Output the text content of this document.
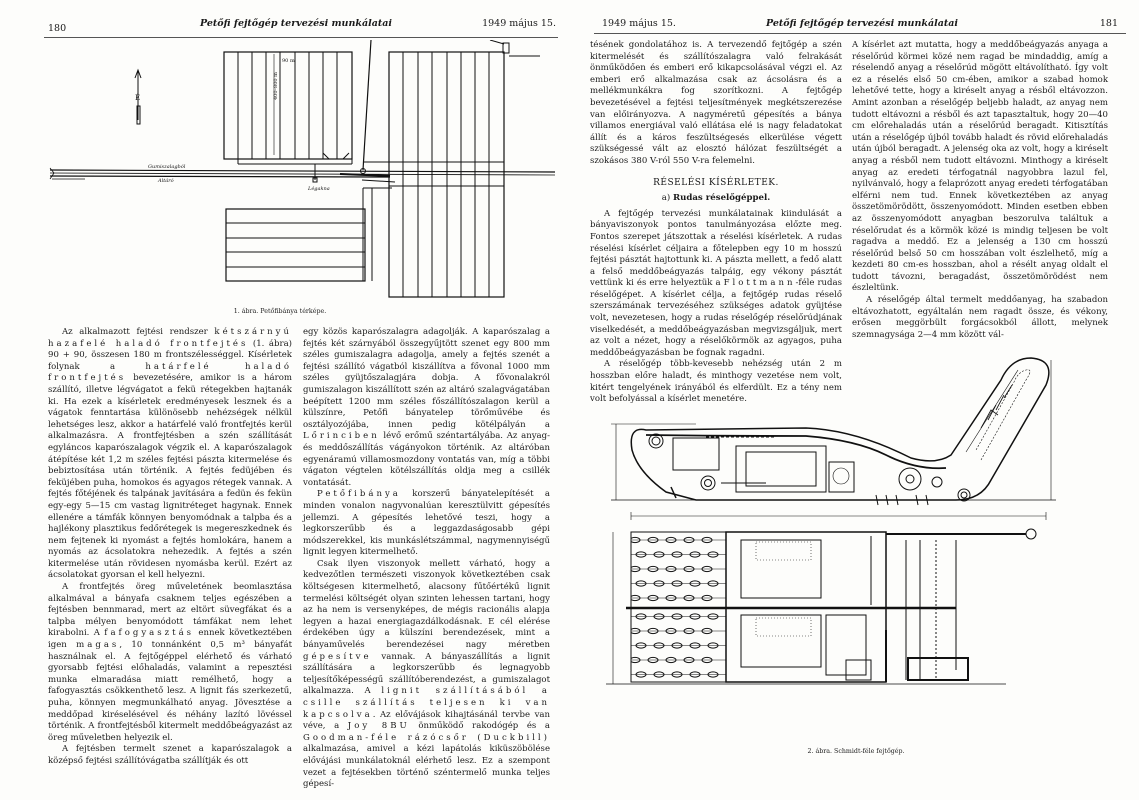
180	Petőfi fejtőgép tervezési munkálatai	1949 május 15.
É	400–800 m
90 m
Gumiszalagból
Altáró
Légakna
1. ábra. Petőfibánya térképe.

Az alkalmazott fejtési rendszer kétszárnyú hazafelé haladó frontfejtés (1. ábra) 90 + 90, összesen 180 m frontszélességgel. Kísérletek folynak a határfelé haladó frontfejtés bevezetésére, amikor is a három szállító, illetve légvágatot a fekü rétegekben hajtanák ki. Ha ezek a kísérletek eredményesek lesznek és a vágatok fenntartása különösebb nehézségek nélkül lehetséges lesz, akkor a határfelé való frontfejtés kerül alkalmazásra. A frontfejtésben a szén szállítását egyláncos kaparószalagok végzik el. A kaparószalagok átépítése két 1,2 m széles fejtési pászta kitermelése és bebiztosítása után történik. A fejtés fedüjében és feküjében puha, homokos és agyagos rétegek vannak. A fejtés főtéjének és talpának javítására a fedün és fekün egy-egy 5—15 cm vastag lignitréteget hagynak. Ennek ellenére a támfák könnyen benyomódnak a talpba és a hajlékony plasztikus fedőrétegek is megereszkednek és nem fejtenek ki nyomást a fejtés homlokára, hanem a nyomás az ácsolatokra nehezedik. A fejtés a szén kitermelése után rövidesen nyomásba kerül. Ezért az ácsolatokat gyorsan el kell helyezni.

A frontfejtés öreg műveletének beomlasztása alkalmával a bányafa csaknem teljes egészében a fejtésben bennmarad, mert az eltört süvegfákat és a talpba mélyen benyomódott támfákat nem lehet kirabolni. A fafogyasztás ennek következtében igen magas, 10 tonnánként 0,5 m³ bányafát használnak el. A fejtőgéppel elérhető és várható gyorsabb fejtési előhaladás, valamint a repesztési munka elmaradása miatt remélhető, hogy a fafogyasztás csökkenthető lesz. A lignit fás szerkezetű, puha, könnyen megmunkálható anyag. Jövesztése a meddőpad kiréselésével és néhány lazító lövéssel történik. A frontfejtésből kitermelt meddőbeágyazást az öreg műveletben helyezik el.

A fejtésben termelt szenet a kaparószalagok a középső fejtési szállítóvágatba szállítják és ott

egy közös kaparószalagra adagolják. A kaparószalag a fejtés két szárnyából összegyűjtött szenet egy 800 mm széles gumiszalagra adagolja, amely a fejtés szenét a fejtési szállító vágatból kiszállítva a fővonal 1000 mm széles gyüjtőszalagjára dobja. A fővonalakról gumiszalagon kiszállított szén az altáró szalagvágatában beépített 1200 mm széles főszállítószalagon kerül a külszínre, Petőfi bányatelep törőművébe és osztályozójába, innen pedig kötélpályán a Lőrinciben lévő erőmű széntartályába. Az anyag- és meddőszállítás vágányokon történik. Az altáróban egyenáramú villamosmozdony vontatás van, míg a többi vágaton végtelen kötélszállítás oldja meg a csillék vontatását.

Petőfibánya korszerű bányatelepítését a minden vonalon nagyvonalúan keresztülvitt gépesítés jellemzi. A gépesítés lehetővé teszi, hogy a legkorszerűbb és a leggazdaságosabb gépi módszerekkel, kis munkáslétszámmal, nagymennyiségű lignit legyen kitermelhető.

Csak ilyen viszonyok mellett várható, hogy a kedvezőtlen természeti viszonyok következtében csak költségesen kitermelhető, alacsony fűtőértékű lignit termelési költségét olyan szinten lehessen tartani, hogy az ha nem is versenyképes, de mégis racionális alapja legyen a hazai energiagazdálkodásnak. E cél elérése érdekében úgy a külszíni berendezések, mint a bányaművelés berendezései nagy méretben gépesítve vannak. A bányaszállítás a lignit szállítására a legkorszerűbb és legnagyobb teljesítőképességű szállítóberendezést, a gumiszalagot alkalmazza. A lignit szállításából a csille szállítás teljesen ki van kapcsolva. Az elővájások kihajtásánál tervbe van véve, a Joy 8BU önműködő rakodógép és a Goodman-féle rázócsőr (Duckbill) alkalmazása, amivel a kézi lapátolás kiküszöbölése elővájási munkálatoknál elérhető lesz. Ez a szempont vezet a fejtésekben történő széntermelő munka teljes gépesí-

1949 május 15.	Petőfi fejtőgép tervezési munkálatai	181

tésének gondolatához is. A tervezendő fejtőgép a szén kitermelését és szállítószalagra való felrakását önműködően és emberi erő kikapcsolásával végzi el. Az emberi erő alkalmazása csak az ácsolásra és a mellékmunkákra fog szorítkozni. A fejtőgép bevezetésével a fejtési teljesítmények megkétszerezése van előirányozva. A nagyméretű gépesítés a bánya villamos energiával való ellátása elé is nagy feladatokat állít és a káros feszültségesés elkerülése végett szükségessé vált az elosztó hálózat feszültségét a szokásos 380 V-ról 550 V-ra felemelni.

RÉSELÉSI KÍSÉRLETEK.
a) Rudas réselőgéppel.

A fejtőgép tervezési munkálatainak kiindulását a bányaviszonyok pontos tanulmányozása előzte meg. Fontos szerepet játszottak a réselési kísérletek. A rudas réselési kísérlet céljaira a főtelepben egy 10 m hosszú fejtési pásztát hajtottunk ki. A pászta mellett, a fedő alatt a felső meddőbeágyazás talpáig, egy vékony pásztát vettünk ki és erre helyeztük a Flottmann-féle rudas réselőgépet. A kísérlet célja, a fejtőgép rudas réselő szerszámának tervezéséhez szükséges adatok gyüjtése volt, nevezetesen, hogy a rudas réselőgép réselőrúdjának viselkedését, a meddőbeágyazásban megvizsgáljuk, mert az volt a nézet, hogy a réselőkörmök az agyagos, puha meddőbeágyazásban be fognak ragadni.

A réselőgép több-kevesebb nehézség után 2 m hosszban előre haladt, és minthogy vezetése nem volt, kitért tengelyének irányából és elferdült. Ez a tény nem volt befolyással a kísérlet menetére.

A kísérlet azt mutatta, hogy a meddőbeágyazás anyaga a réselőrúd körmei közé nem ragad be mindaddig, amíg a réselendő anyag a réselőrúd mögött eltávolítható. Így volt ez a réselés első 50 cm-ében, amikor a szabad homok lehetővé tette, hogy a kiréselt anyag a résből eltávozzon. Amint azonban a réselőgép beljebb haladt, az anyag nem tudott eltávozni a résből és azt tapasztaltuk, hogy 20—40 cm előrehaladás után a réselőrúd beragadt. Kitisztítás után a réselőgép újból tovább haladt és rövid előrehaladás után újból beragadt. A jelenség oka az volt, hogy a kiréselt anyag a résből nem tudott eltávozni. Minthogy a kiréselt anyag az eredeti térfogatnál nagyobbra lazul fel, nyilvánvaló, hogy a felaprózott anyag eredeti térfogatában elférni nem tud. Ennek következtében az anyag összetömörödött, összenyomódott. Minden esetben ebben az összenyomódott anyagban beszorulva találtuk a réselőrudat és a körmök közé is mindig teljesen be volt ragadva a meddő. Ez a jelenség a 130 cm hosszú réselőrúd belső 50 cm hosszában volt észlelhető, míg a kezdeti 80 cm-es hosszban, ahol a résélt anyag oldalt el tudott távozni, beragadást, összetömörödést nem észleltünk.

A réselőgép által termelt meddőanyag, ha szabadon eltávozhatott, egyáltalán nem ragadt össze, és vékony, erősen meggörbült forgácsokból állott, melynek szemnagysága 2—4 mm között vál-

2. ábra. Schmidt-féle fejtőgép.
